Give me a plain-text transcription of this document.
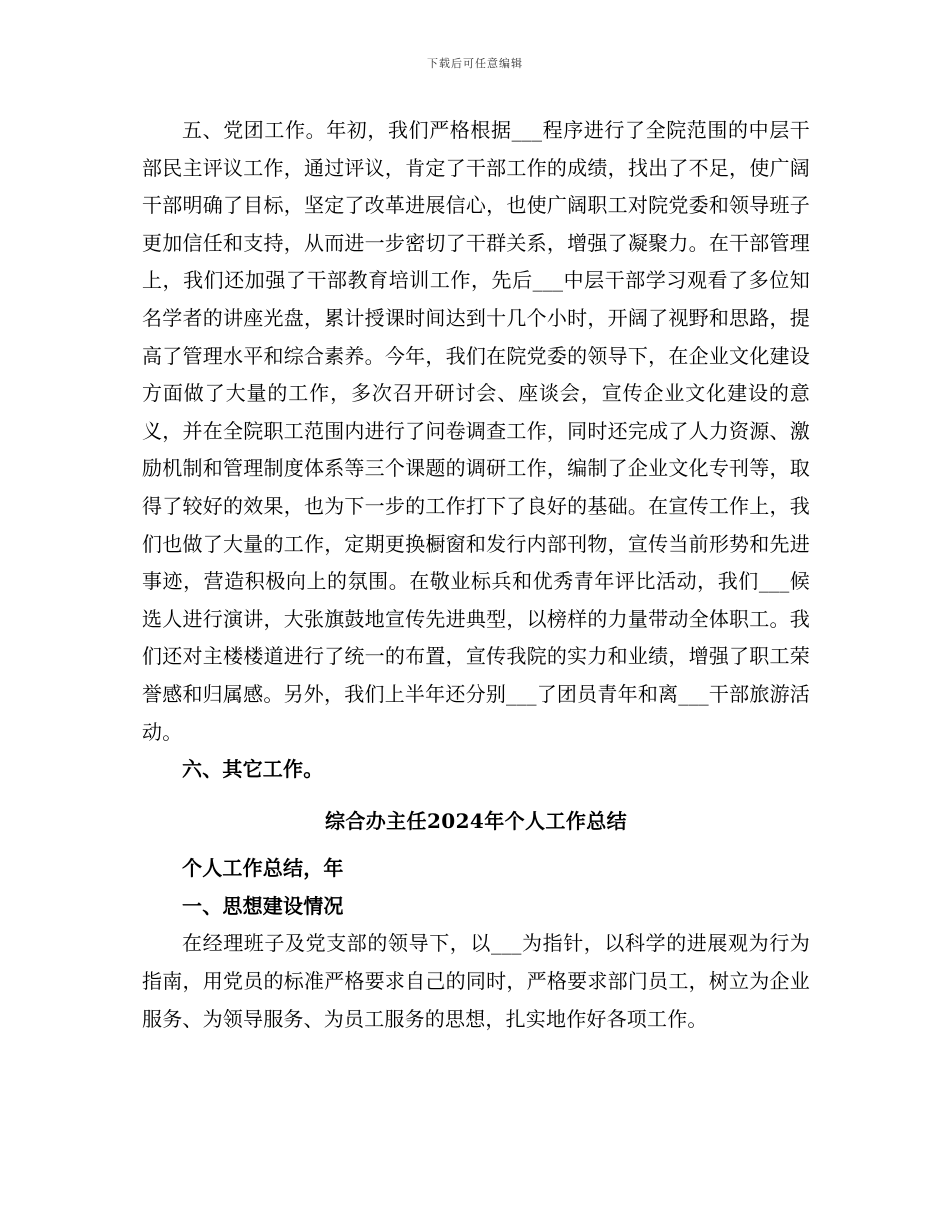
下载后可任意编辑

五、党团工作。年初，我们严格根据___程序进行了全院范围的中层干部民主评议工作，通过评议，肯定了干部工作的成绩，找出了不足，使广阔干部明确了目标，坚定了改革进展信心，也使广阔职工对院党委和领导班子更加信任和支持，从而进一步密切了干群关系，增强了凝聚力。在干部管理上，我们还加强了干部教育培训工作，先后___中层干部学习观看了多位知名学者的讲座光盘，累计授课时间达到十几个小时，开阔了视野和思路，提高了管理水平和综合素养。今年，我们在院党委的领导下，在企业文化建设方面做了大量的工作，多次召开研讨会、座谈会，宣传企业文化建设的意义，并在全院职工范围内进行了问卷调查工作，同时还完成了人力资源、激励机制和管理制度体系等三个课题的调研工作，编制了企业文化专刊等，取得了较好的效果，也为下一步的工作打下了良好的基础。在宣传工作上，我们也做了大量的工作，定期更换橱窗和发行内部刊物，宣传当前形势和先进事迹，营造积极向上的氛围。在敬业标兵和优秀青年评比活动，我们___候选人进行演讲，大张旗鼓地宣传先进典型，以榜样的力量带动全体职工。我们还对主楼楼道进行了统一的布置，宣传我院的实力和业绩，增强了职工荣誉感和归属感。另外，我们上半年还分别___了团员青年和离___干部旅游活动。

六、其它工作。

综合办主任2024年个人工作总结

个人工作总结，年

一、思想建设情况

在经理班子及党支部的领导下，以___为指针，以科学的进展观为行为指南，用党员的标准严格要求自己的同时，严格要求部门员工，树立为企业服务、为领导服务、为员工服务的思想，扎实地作好各项工作。
